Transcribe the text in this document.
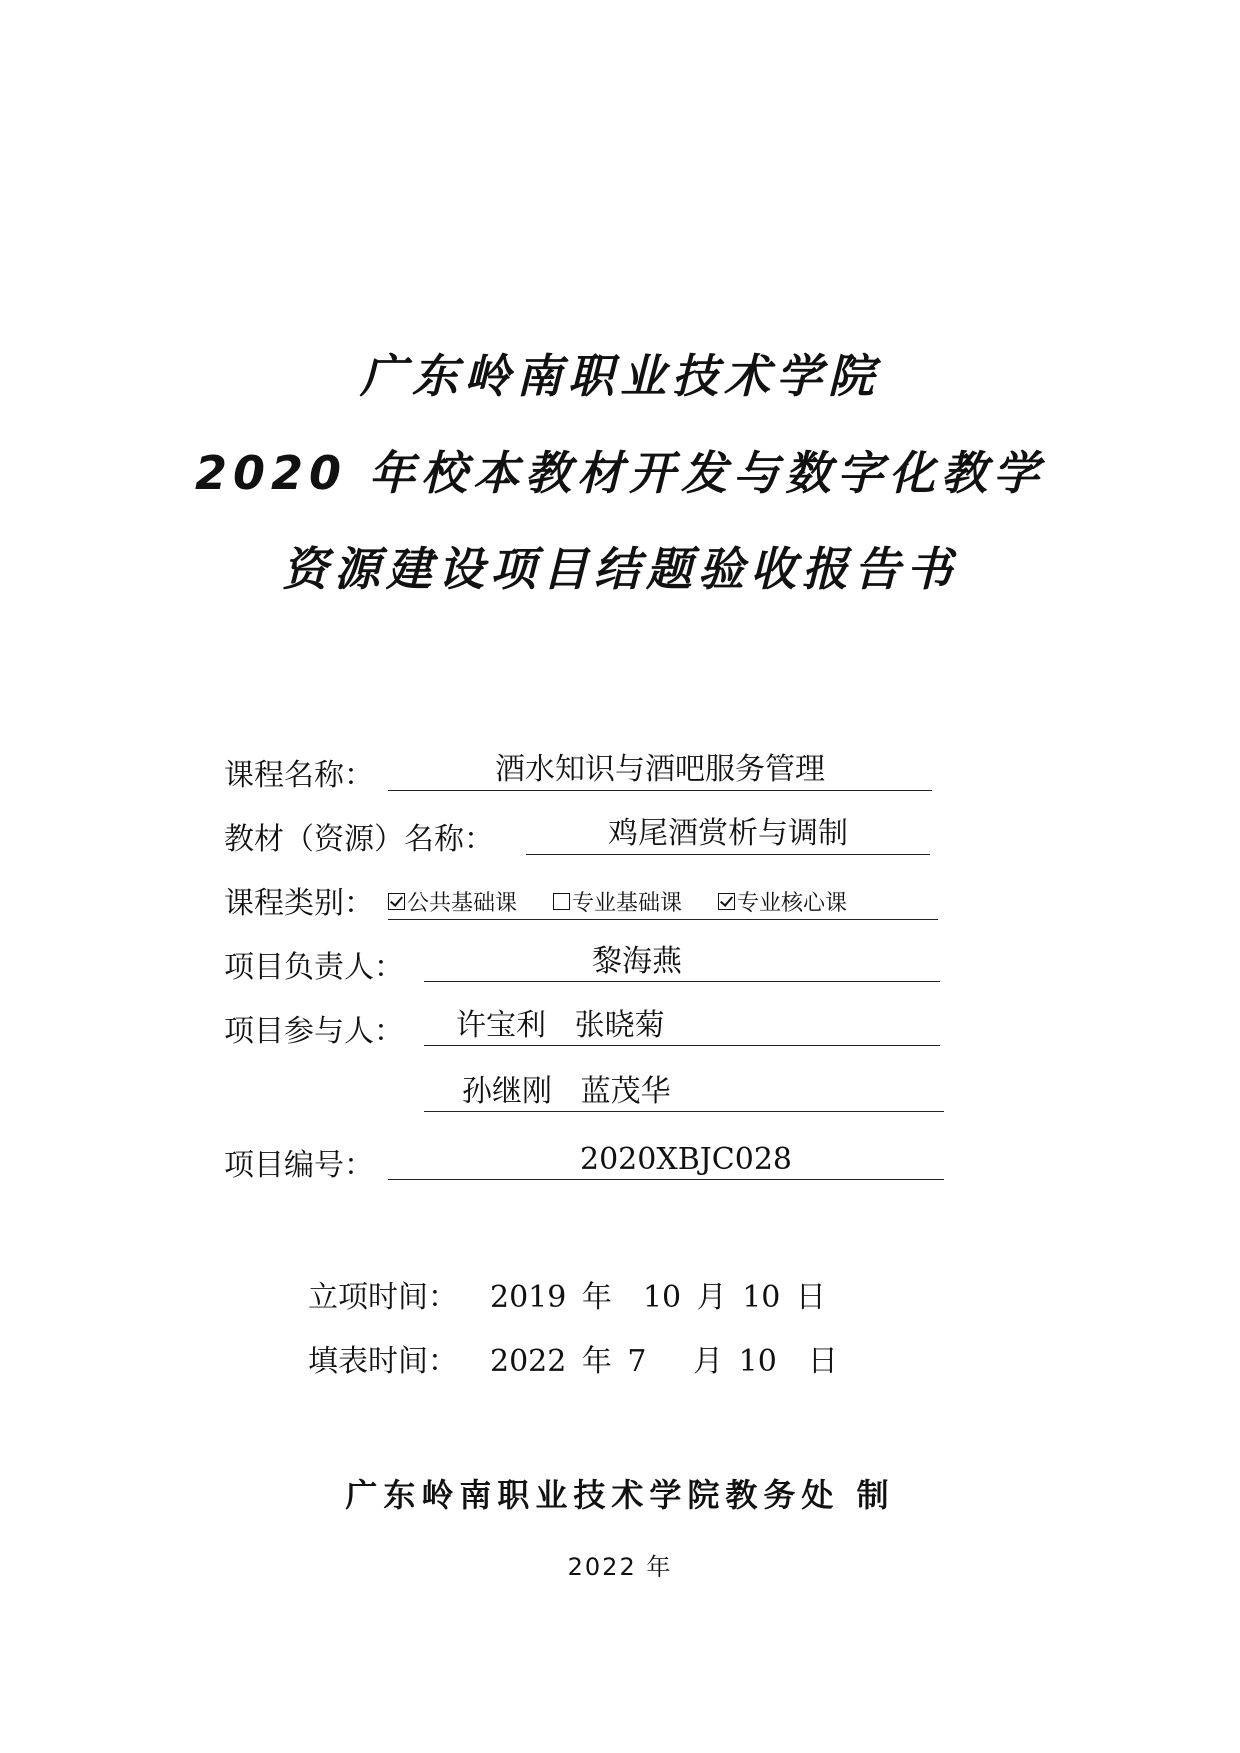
广东岭南职业技术学院
2020 年校本教材开发与数字化教学
资源建设项目结题验收报告书
课程名称：	酒水知识与酒吧服务管理
教材（资源）名称：	鸡尾酒赏析与调制
课程类别： 公共基础课	专业基础课	专业核心课
项目负责人：	黎海燕
项目参与人：	许宝利   张晓菊
孙继刚   蓝茂华
项目编号：	2020XBJC028
立项时间：	2019 年  10 月 10 日
填表时间：	2022 年 7   月 10  日
广东岭南职业技术学院教务处 制
2022 年
